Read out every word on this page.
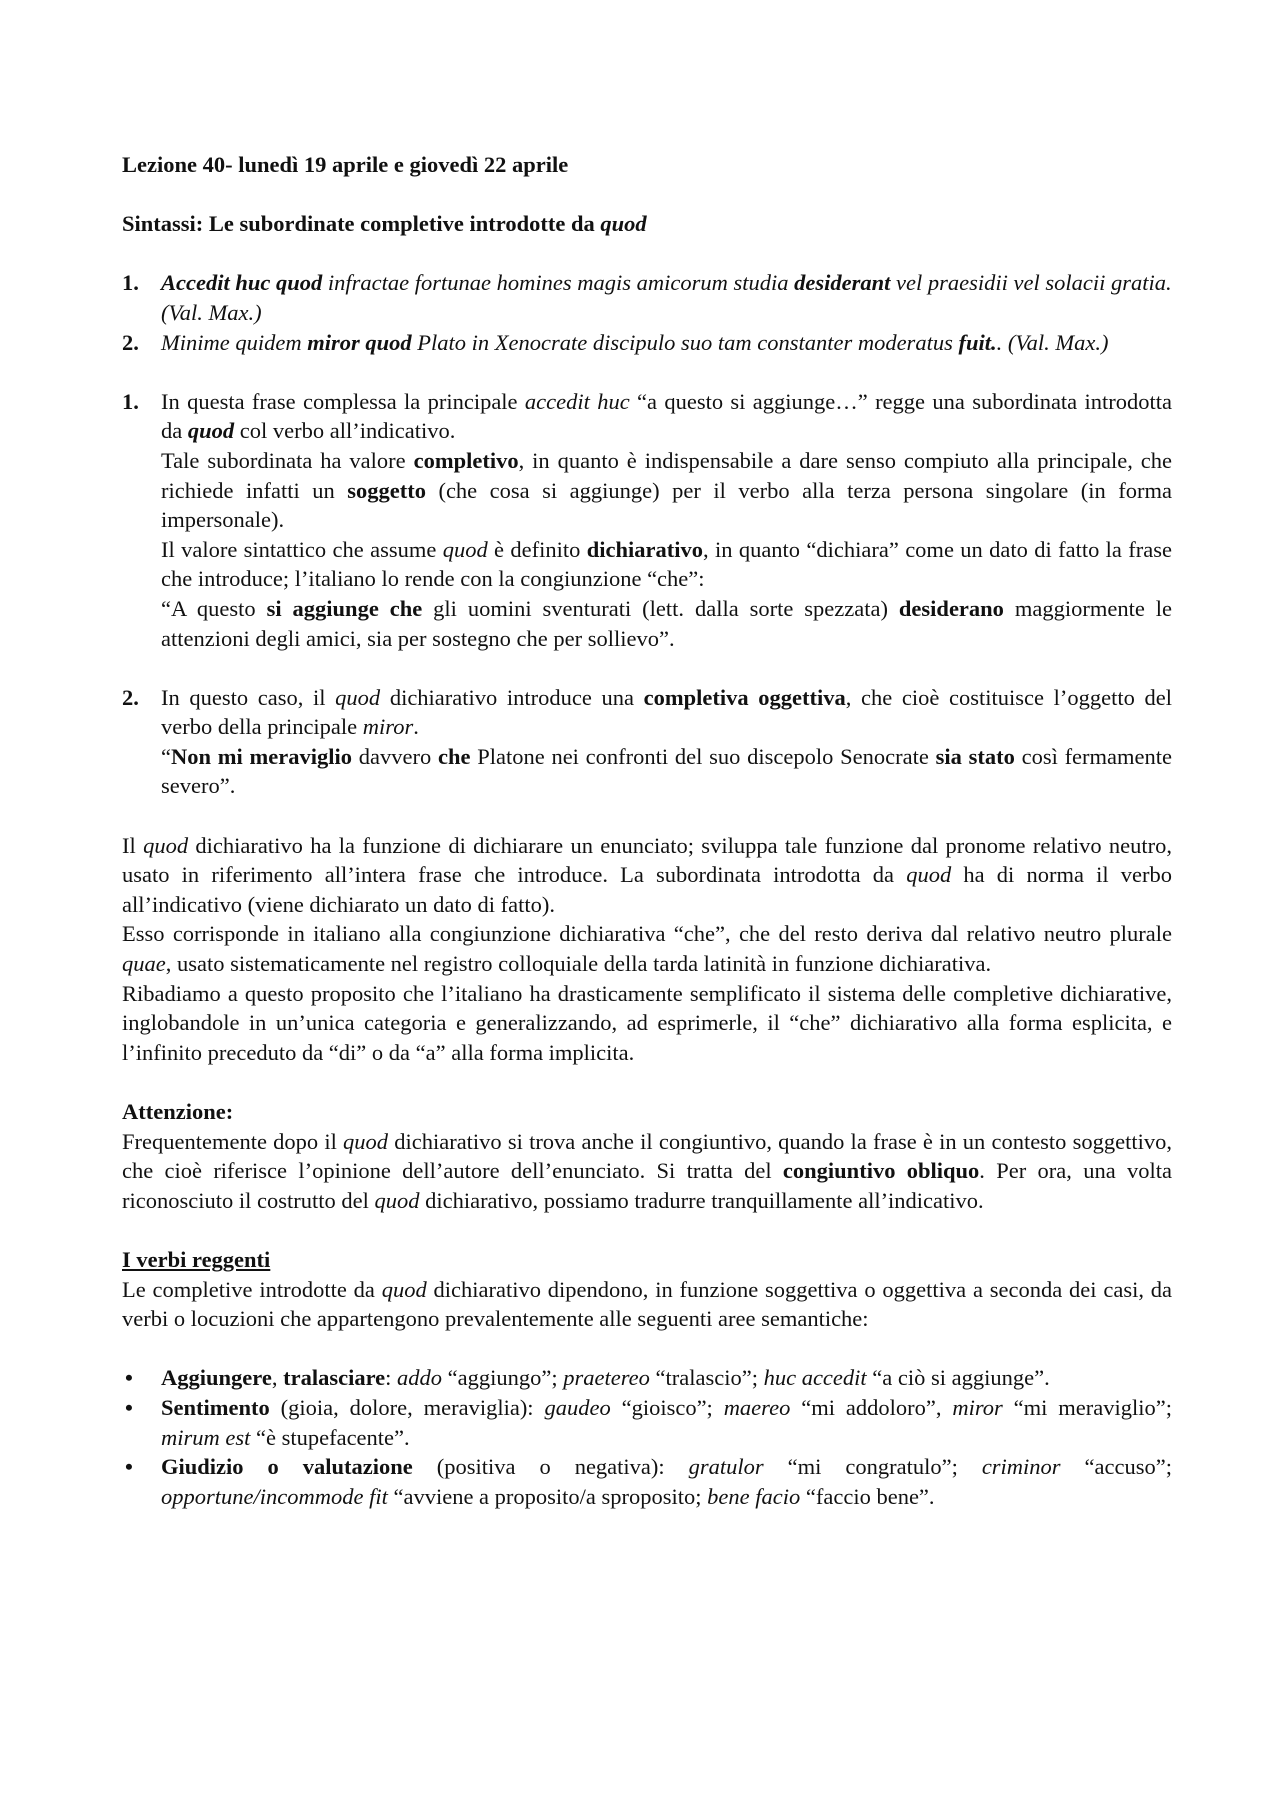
Lezione 40- lunedì 19 aprile e giovedì 22 aprile

Sintassi: Le subordinate completive introdotte da quod

1. Accedit huc quod infractae fortunae homines magis amicorum studia desiderant vel praesidii vel solacii gratia. (Val. Max.)

2. Minime quidem miror quod Plato in Xenocrate discipulo suo tam constanter moderatus fuit.. (Val. Max.)

1. In questa frase complessa la principale accedit huc “a questo si aggiunge…” regge una subordinata introdotta da quod col verbo all’indicativo.

Tale subordinata ha valore completivo, in quanto è indispensabile a dare senso compiuto alla principale, che richiede infatti un soggetto (che cosa si aggiunge) per il verbo alla terza persona singolare (in forma impersonale).

Il valore sintattico che assume quod è definito dichiarativo, in quanto “dichiara” come un dato di fatto la frase che introduce; l’italiano lo rende con la congiunzione “che”:

“A questo si aggiunge che gli uomini sventurati (lett. dalla sorte spezzata) desiderano maggiormente le attenzioni degli amici, sia per sostegno che per sollievo”.

2. In questo caso, il quod dichiarativo introduce una completiva oggettiva, che cioè costituisce l’oggetto del verbo della principale miror.

“Non mi meraviglio davvero che Platone nei confronti del suo discepolo Senocrate sia stato così fermamente severo”.

Il quod dichiarativo ha la funzione di dichiarare un enunciato; sviluppa tale funzione dal pronome relativo neutro, usato in riferimento all’intera frase che introduce. La subordinata introdotta da quod ha di norma il verbo all’indicativo (viene dichiarato un dato di fatto).

Esso corrisponde in italiano alla congiunzione dichiarativa “che”, che del resto deriva dal relativo neutro plurale quae, usato sistematicamente nel registro colloquiale della tarda latinità in funzione dichiarativa.

Ribadiamo a questo proposito che l’italiano ha drasticamente semplificato il sistema delle completive dichiarative, inglobandole in un’unica categoria e generalizzando, ad esprimerle, il “che” dichiarativo alla forma esplicita, e l’infinito preceduto da “di” o da “a” alla forma implicita.

Attenzione:

Frequentemente dopo il quod dichiarativo si trova anche il congiuntivo, quando la frase è in un contesto soggettivo, che cioè riferisce l’opinione dell’autore dell’enunciato. Si tratta del congiuntivo obliquo. Per ora, una volta riconosciuto il costrutto del quod dichiarativo, possiamo tradurre tranquillamente all’indicativo.

I verbi reggenti

Le completive introdotte da quod dichiarativo dipendono, in funzione soggettiva o oggettiva a seconda dei casi, da verbi o locuzioni che appartengono prevalentemente alle seguenti aree semantiche:

• Aggiungere, tralasciare: addo “aggiungo”; praetereo “tralascio”; huc accedit “a ciò si aggiunge”.

• Sentimento (gioia, dolore, meraviglia): gaudeo “gioisco”; maereo “mi addoloro”, miror “mi meraviglio”; mirum est “è stupefacente”.

• Giudizio o valutazione (positiva o negativa): gratulor “mi congratulo”; criminor “accuso”; opportune/incommode fit “avviene a proposito/a sproposito; bene facio “faccio bene”.
